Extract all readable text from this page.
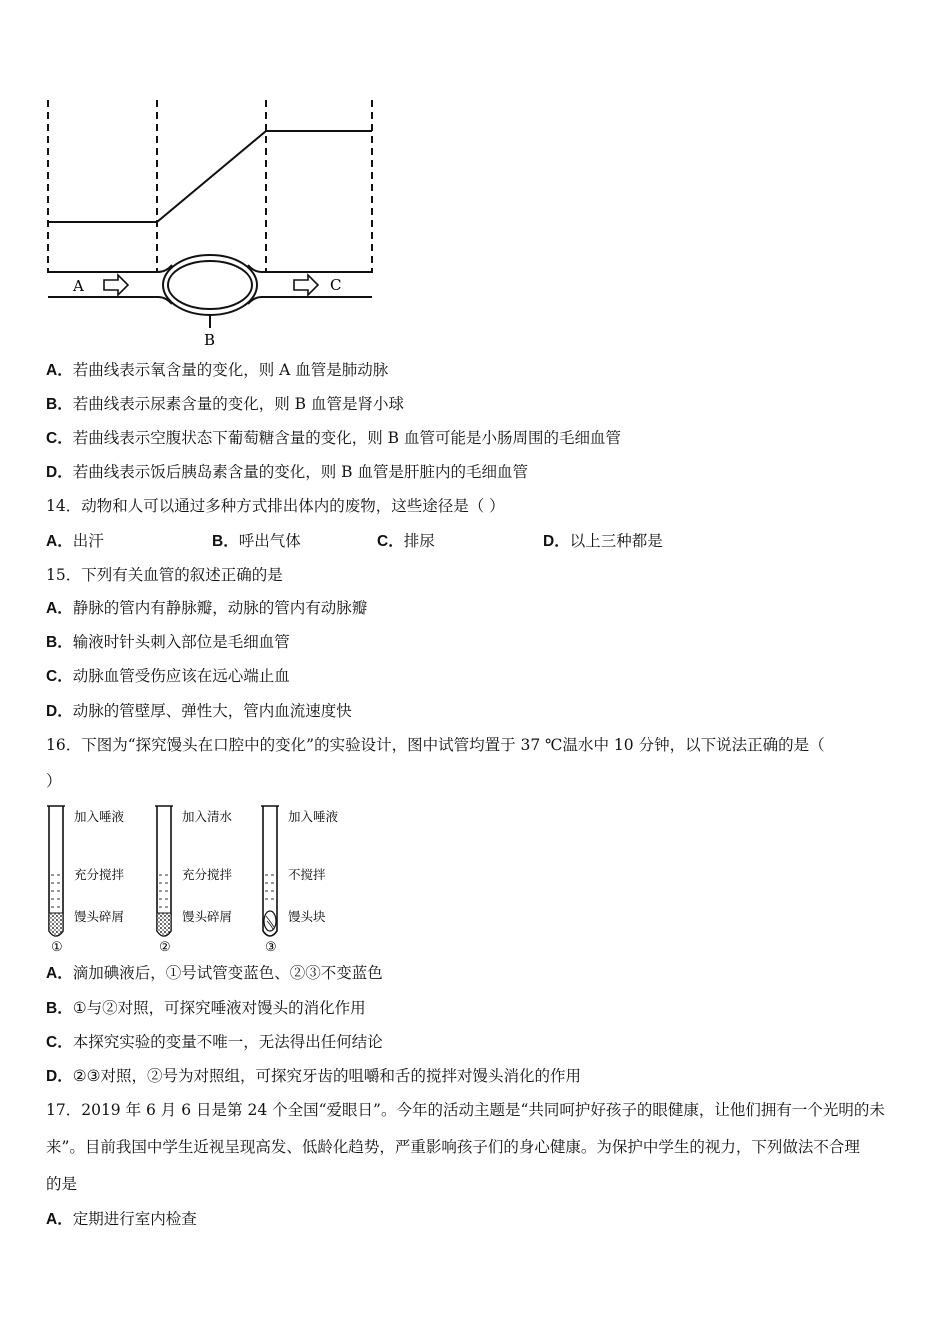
A	C
B
A．若曲线表示氧含量的变化，则 A 血管是肺动脉
B．若曲线表示尿素含量的变化，则 B 血管是肾小球
C．若曲线表示空腹状态下葡萄糖含量的变化，则 B 血管可能是小肠周围的毛细血管
D．若曲线表示饭后胰岛素含量的变化，则 B 血管是肝脏内的毛细血管
14．动物和人可以通过多种方式排出体内的废物，这些途径是（ ）
A．出汗	B．呼出气体	C．排尿	D．以上三种都是
15．下列有关血管的叙述正确的是
A．静脉的管内有静脉瓣，动脉的管内有动脉瓣
B．输液时针头刺入部位是毛细血管
C．动脉血管受伤应该在远心端止血
D．动脉的管壁厚、弹性大，管内血流速度快
16．下图为“探究馒头在口腔中的变化”的实验设计，图中试管均置于 37 ℃温水中 10 分钟，以下说法正确的是（
）
加入唾液
充分搅拌
馒头碎屑
①
加入清水
充分搅拌
馒头碎屑
②
加入唾液
不搅拌
馒头块
③
A．滴加碘液后，①号试管变蓝色、②③不变蓝色
B．①与②对照，可探究唾液对馒头的消化作用
C．本探究实验的变量不唯一，无法得出任何结论
D．②③对照，②号为对照组，可探究牙齿的咀嚼和舌的搅拌对馒头消化的作用
17．2019 年 6 月 6 日是第 24 个全国“爱眼日”。今年的活动主题是“共同呵护好孩子的眼健康，让他们拥有一个光明的未
来”。目前我国中学生近视呈现高发、低龄化趋势，严重影响孩子们的身心健康。为保护中学生的视力，下列做法不合理
的是
A．定期进行室内检查
